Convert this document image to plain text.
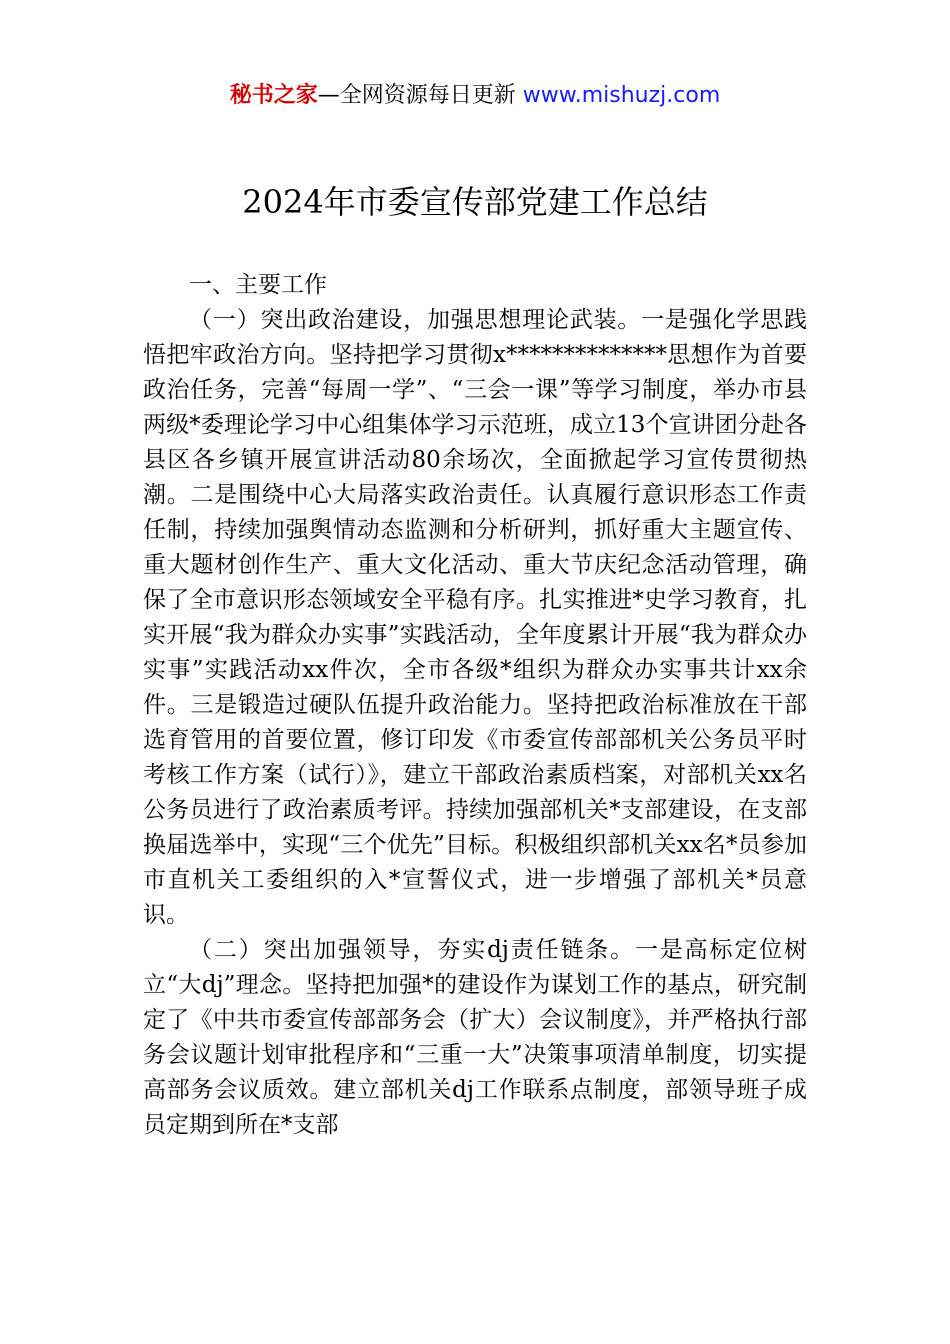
秘书之家—全网资源每日更新 www.mishuzj.com
2024年市委宣传部党建工作总结

一、主要工作

（一）突出政治建设，加强思想理论武装。一是强化学思践悟把牢政治方向。坚持把学习贯彻x**************思想作为首要政治任务，完善“每周一学”、“三会一课”等学习制度，举办市县两级*委理论学习中心组集体学习示范班，成立13个宣讲团分赴各县区各乡镇开展宣讲活动80余场次，全面掀起学习宣传贯彻热潮。二是围绕中心大局落实政治责任。认真履行意识形态工作责任制，持续加强舆情动态监测和分析研判，抓好重大主题宣传、重大题材创作生产、重大文化活动、重大节庆纪念活动管理，确保了全市意识形态领域安全平稳有序。扎实推进*史学习教育，扎实开展“我为群众办实事”实践活动，全年度累计开展“我为群众办实事”实践活动xx件次，全市各级*组织为群众办实事共计xx余件。三是锻造过硬队伍提升政治能力。坚持把政治标准放在干部选育管用的首要位置，修订印发《市委宣传部部机关公务员平时考核工作方案（试行）》，建立干部政治素质档案，对部机关xx名公务员进行了政治素质考评。持续加强部机关*支部建设，在支部换届选举中，实现“三个优先”目标。积极组织部机关xx名*员参加市直机关工委组织的入*宣誓仪式，进一步增强了部机关*员意识。

（二）突出加强领导，夯实dj责任链条。一是高标定位树立“大dj”理念。坚持把加强*的建设作为谋划工作的基点，研究制定了《中共市委宣传部部务会（扩大）会议制度》，并严格执行部务会议题计划审批程序和“三重一大”决策事项清单制度，切实提高部务会议质效。建立部机关dj工作联系点制度，部领导班子成员定期到所在*支部
